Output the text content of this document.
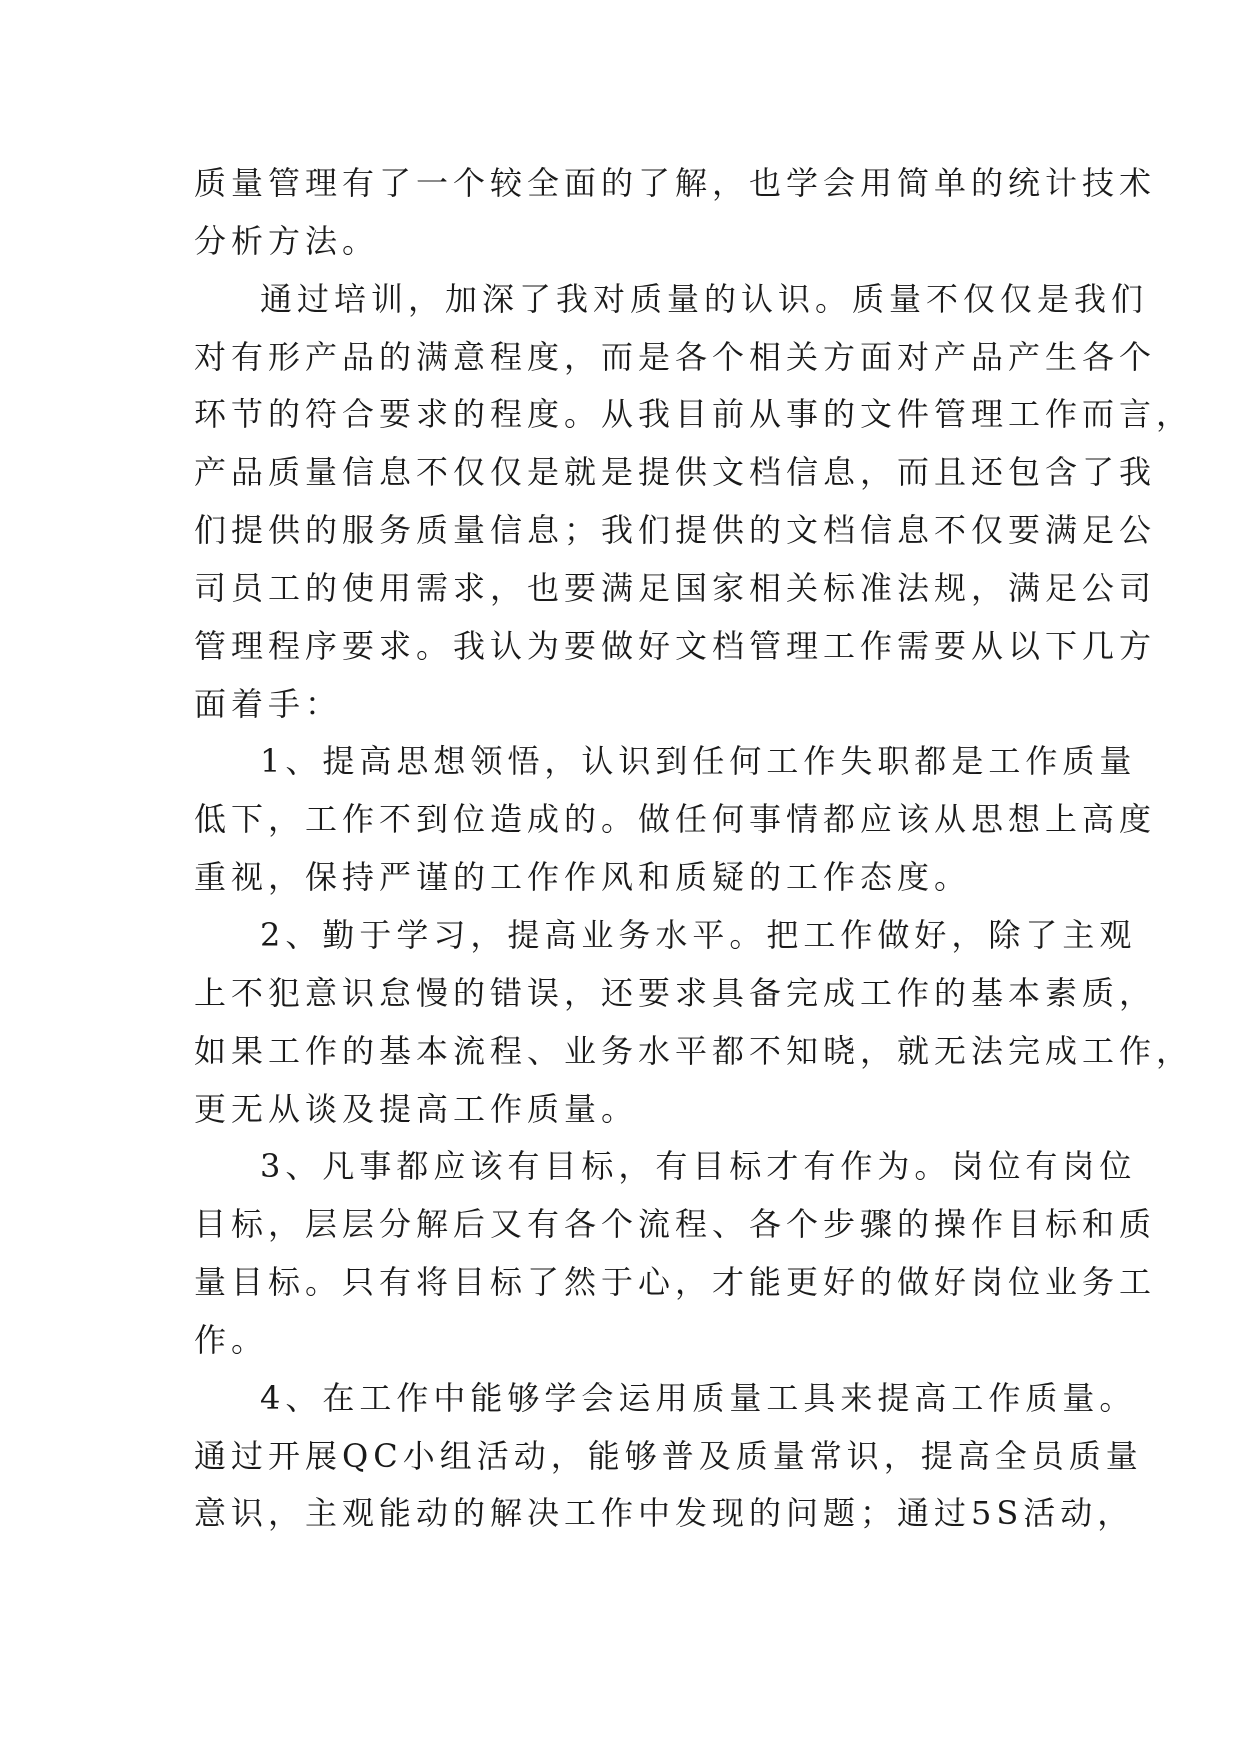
质量管理有了一个较全面的了解，也学会用简单的统计技术
分析方法。
通过培训，加深了我对质量的认识。质量不仅仅是我们
对有形产品的满意程度，而是各个相关方面对产品产生各个
环节的符合要求的程度。从我目前从事的文件管理工作而言，
产品质量信息不仅仅是就是提供文档信息，而且还包含了我
们提供的服务质量信息；我们提供的文档信息不仅要满足公
司员工的使用需求，也要满足国家相关标准法规，满足公司
管理程序要求。我认为要做好文档管理工作需要从以下几方
面着手：
1、提高思想领悟，认识到任何工作失职都是工作质量
低下，工作不到位造成的。做任何事情都应该从思想上高度
重视，保持严谨的工作作风和质疑的工作态度。
2、勤于学习，提高业务水平。把工作做好，除了主观
上不犯意识怠慢的错误，还要求具备完成工作的基本素质，
如果工作的基本流程、业务水平都不知晓，就无法完成工作，
更无从谈及提高工作质量。
3、凡事都应该有目标，有目标才有作为。岗位有岗位
目标，层层分解后又有各个流程、各个步骤的操作目标和质
量目标。只有将目标了然于心，才能更好的做好岗位业务工
作。
4、在工作中能够学会运用质量工具来提高工作质量。
通过开展QC小组活动，能够普及质量常识，提高全员质量
意识，主观能动的解决工作中发现的问题；通过5S活动，
